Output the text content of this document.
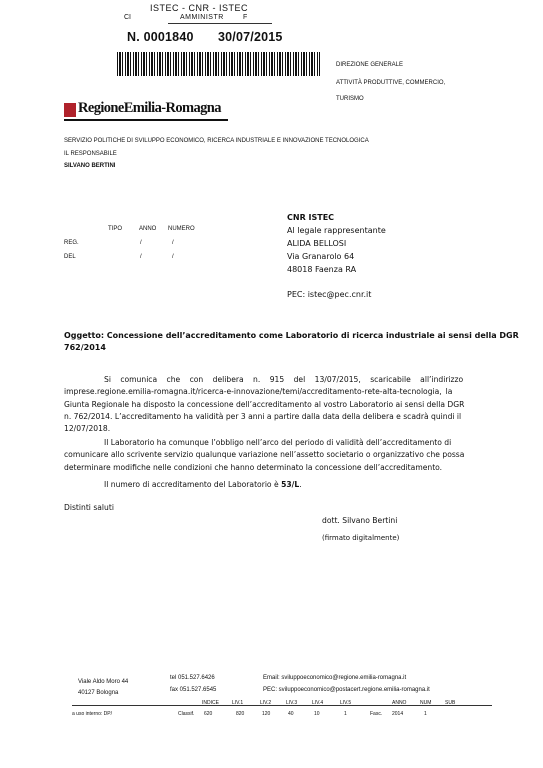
ISTEC - CNR - ISTEC
CI	AMMINISTR	F
N. 0001840 30/07/2015
DIREZIONE GENERALE
ATTIVITÀ PRODUTTIVE, COMMERCIO,
TURISMO
RegioneEmilia-Romagna
SERVIZIO POLITICHE DI SVILUPPO ECONOMICO, RICERCA INDUSTRIALE E INNOVAZIONE TECNOLOGICA
IL RESPONSABILE
SILVANO BERTINI
TIPO	ANNO NUMERO
REG.	/	/
DEL	/	/
CNR ISTEC
Al legale rappresentante
ALIDA BELLOSI
Via Granarolo 64
48018 Faenza RA
PEC: istec@pec.cnr.it
Oggetto: Concessione dell’accreditamento come Laboratorio di ricerca industriale ai sensi della DGR
762/2014
Si comunica che con delibera n. 915 del 13/07/2015, scaricabile all’indirizzo
imprese.regione.emilia-romagna.it/ricerca-e-innovazione/temi/accreditamento-rete-alta-tecnologia, la
Giunta Regionale ha disposto la concessione dell’accreditamento al vostro Laboratorio ai sensi della DGR
n. 762/2014. L’accreditamento ha validità per 3 anni a partire dalla data della delibera e scadrà quindi il
12/07/2018.
Il Laboratorio ha comunque l’obbligo nell’arco del periodo di validità dell’accreditamento di
comunicare allo scrivente servizio qualunque variazione nell’assetto societario o organizzativo che possa
determinare modifiche nelle condizioni che hanno determinato la concessione dell’accreditamento.
Il numero di accreditamento del Laboratorio è 53/L.
Distinti saluti
dott. Silvano Bertini
(firmato digitalmente)
Viale Aldo Moro 44
40127 Bologna
tel 051.527.6426
fax 051.527.6545
Email: sviluppoeconomico@regione.emilia-romagna.it
PEC: sviluppoeconomico@postacert.regione.emilia-romagna.it
INDICE	LIV.1	LIV.2	LIV.3	LIV.4	LIV.5	ANNO	NUM	SUB
a uso interno: DP/	Classif. 620	820	120	40	10	1	Fasc. 2014	1
